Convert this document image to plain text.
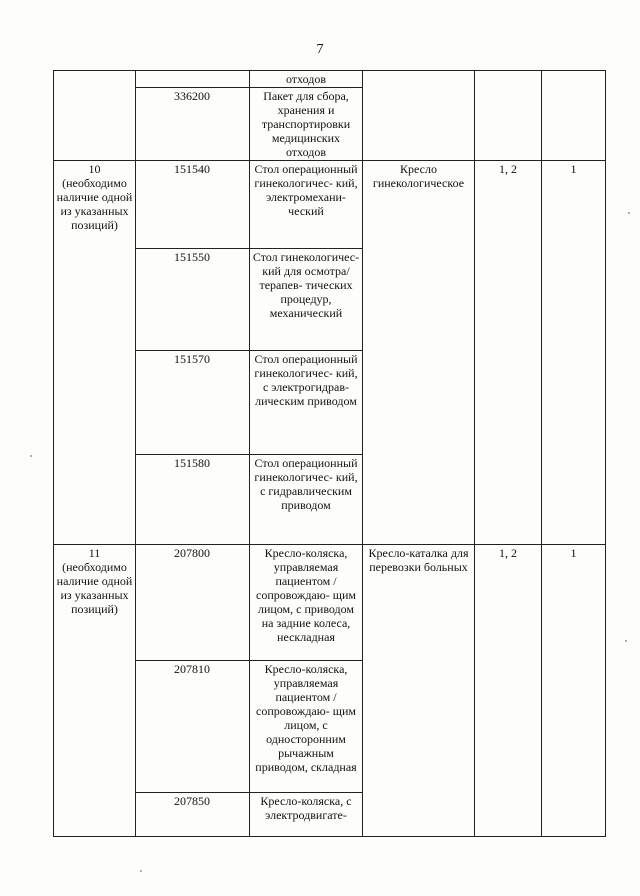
7
		отходов			
	336200	Пакет для сбора, хранения и транспортировки медицинских отходов			
10 (необходимо наличие одной из указанных позиций)	151540	Стол операционный гинекологичес- кий, электромехани- ческий	Кресло гинекологическое	1, 2	1
	151550	Стол гинекологичес- кий для осмотра/терапев- тических процедур, механический			
	151570	Стол операционный гинекологичес- кий, с электрогидрав- лическим приводом			
	151580	Стол операционный гинекологичес- кий, с гидравлическим приводом			
11 (необходимо наличие одной из указанных позиций)	207800	Кресло-коляска, управляемая пациентом / сопровождаю- щим лицом, с приводом на задние колеса, нескладная	Кресло-каталка для перевозки больных	1, 2	1
	207810	Кресло-коляска, управляемая пациентом /сопровождаю- щим лицом, с односторонним рычажным приводом, складная			
	207850	Кресло-коляска, с электродвигате-			
